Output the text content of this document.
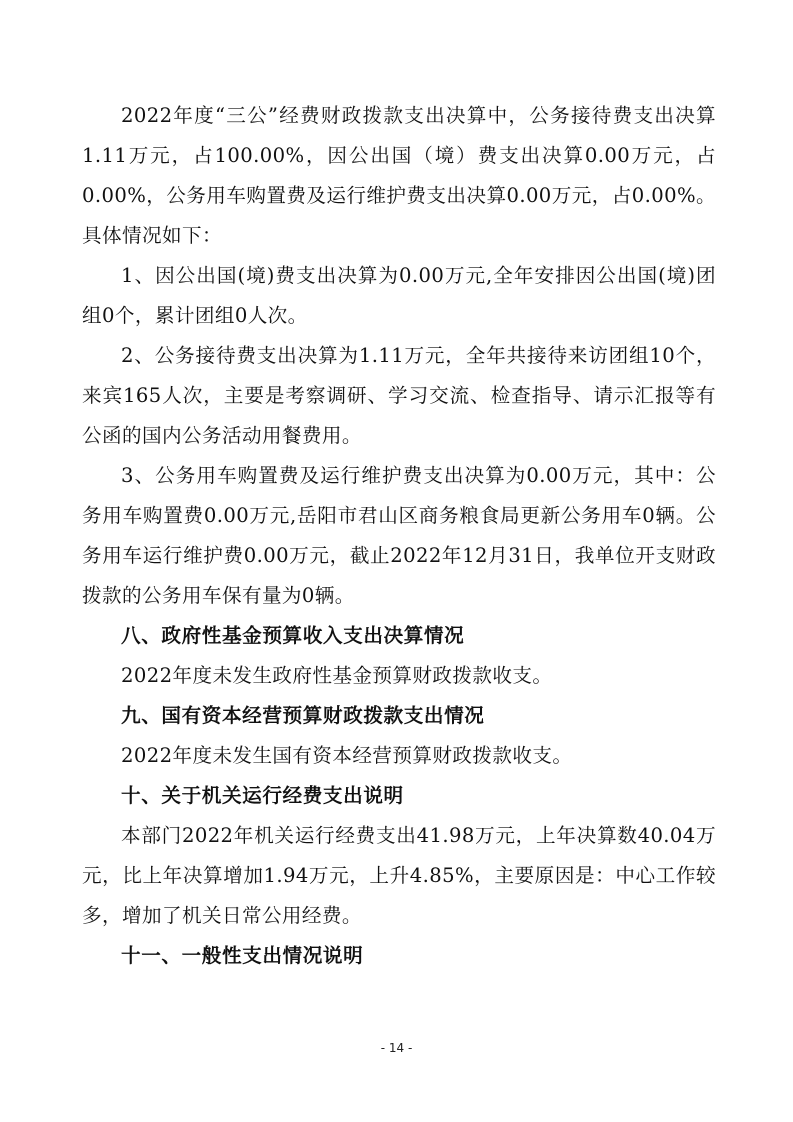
2022年度“三公”经费财政拨款支出决算中，公务接待费支出决算1.11万元，占100.00%，因公出国（境）费支出决算0.00万元，占0.00%，公务用车购置费及运行维护费支出决算0.00万元，占0.00%。具体情况如下：

1、因公出国(境)费支出决算为0.00万元,全年安排因公出国(境)团组0个，累计团组0人次。

2、公务接待费支出决算为1.11万元，全年共接待来访团组10个，来宾165人次，主要是考察调研、学习交流、检查指导、请示汇报等有公函的国内公务活动用餐费用。

3、公务用车购置费及运行维护费支出决算为0.00万元，其中：公务用车购置费0.00万元,岳阳市君山区商务粮食局更新公务用车0辆。公务用车运行维护费0.00万元，截止2022年12月31日，我单位开支财政拨款的公务用车保有量为0辆。

八、政府性基金预算收入支出决算情况

2022年度未发生政府性基金预算财政拨款收支。

九、国有资本经营预算财政拨款支出情况

2022年度未发生国有资本经营预算财政拨款收支。

十、关于机关运行经费支出说明

本部门2022年机关运行经费支出41.98万元，上年决算数40.04万元，比上年决算增加1.94万元，上升4.85%，主要原因是：中心工作较多，增加了机关日常公用经费。

十一、一般性支出情况说明
- 14 -
